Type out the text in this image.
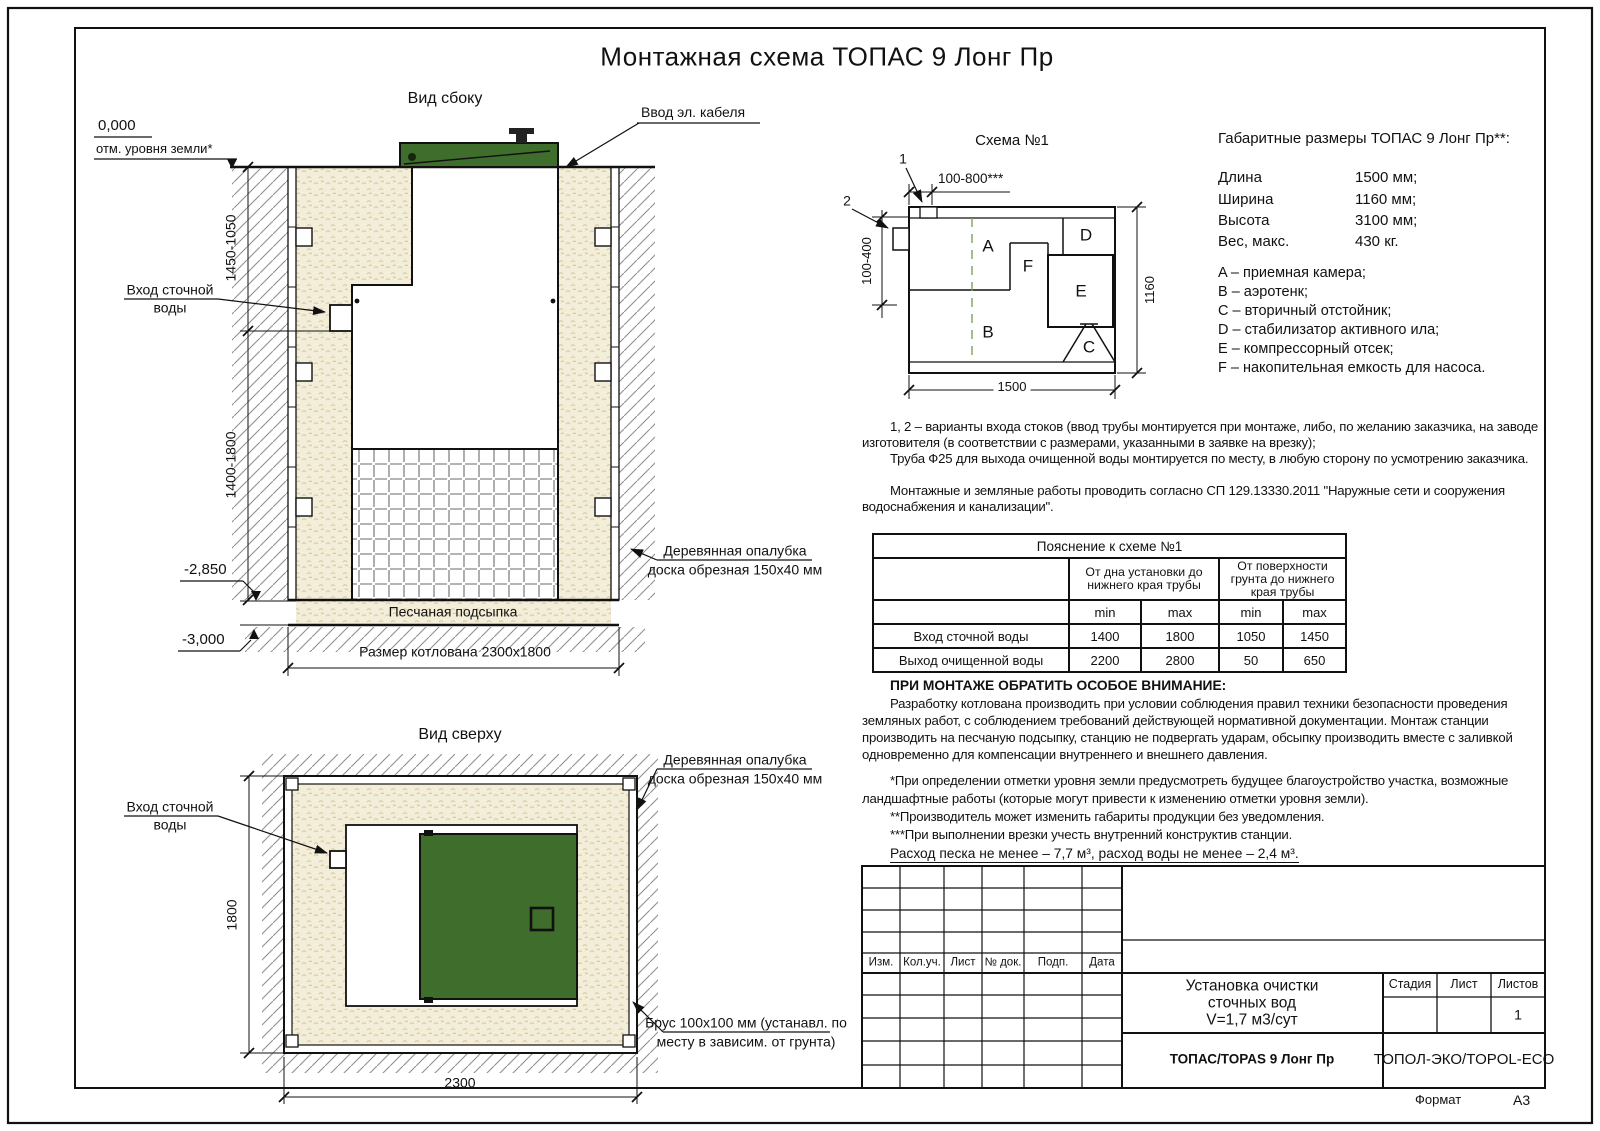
Монтажная схема ТОПАС 9 Лонг Пр
Вид сбоку
0,000
отм. уровня земли*
1450-1050
1400-1800
-2,850
-3,000
Вход сточной
воды
Ввод эл. кабеля
Деревянная опалубка
доска обрезная 150x40 мм
Песчаная подсыпка
Размер котлована 2300x1800
Вид сверху
Вход сточной
воды
1800
2300
Деревянная опалубка
доска обрезная 150x40 мм
Брус 100x100 мм (устанавл. по
месту в зависим. от грунта)
Схема №1
1
2
100-800***
100-400
1160
1500
A
B
C
D
E
F
Габаритные размеры ТОПАС 9 Лонг Пр**:
Длина	1500 мм;
Ширина	1160 мм;
Высота	3100 мм;
Вес, макс.	430 кг.
A – приемная камера;
B – аэротенк;
C – вторичный отстойник;
D – стабилизатор активного ила;
E – компрессорный отсек;
F – накопительная емкость для насоса.

1, 2 – варианты входа стоков (ввод трубы монтируется при монтаже, либо, по желанию заказчика, на заводе изготовителя (в соответствии с размерами, указанными в заявке на врезку);

Труба Ф25 для выхода очищенной воды монтируется по месту, в любую сторону по усмотрению заказчика.

Монтажные и земляные работы проводить согласно СП 129.13330.2011 "Наружные сети и сооружения водоснабжения и канализации".

Пояснение к схеме №1				
	От дна установки до нижнего края трубы		От поверхности грунта до нижнего края трубы	
	min	max	min	max
Вход сточной воды	1400	1800	1050	1450
Выход очищенной воды	2200	2800	50	650
ПРИ МОНТАЖЕ ОБРАТИТЬ ОСОБОЕ ВНИМАНИЕ:

Разработку котлована производить при условии соблюдения правил техники безопасности проведения земляных работ, с соблюдением требований действующей нормативной документации. Монтаж станции производить на песчаную подсыпку, станцию не подвергать ударам, обсыпку производить вместе с заливкой одновременно для компенсации внутреннего и внешнего давления.

*При определении отметки уровня земли предусмотреть будущее благоустройство участка, возможные ландшафтные работы (которые могут привести к изменению отметки уровня земли).

**Производитель может изменить габариты продукции без уведомления.

***При выполнении врезки учесть внутренний конструктив станции.

Расход песка не менее – 7,7 м³, расход воды не менее – 2,4 м³.
Изм. Кол.уч. Лист № док. Подп. Дата
Установка очистки
сточных вод
V=1,7 м3/сут
Стадия Лист Листов
1
ТОПАС/TOPAS 9 Лонг Пр	ТОПОЛ-ЭКО/TOPOL-ECO
Формат	А3
